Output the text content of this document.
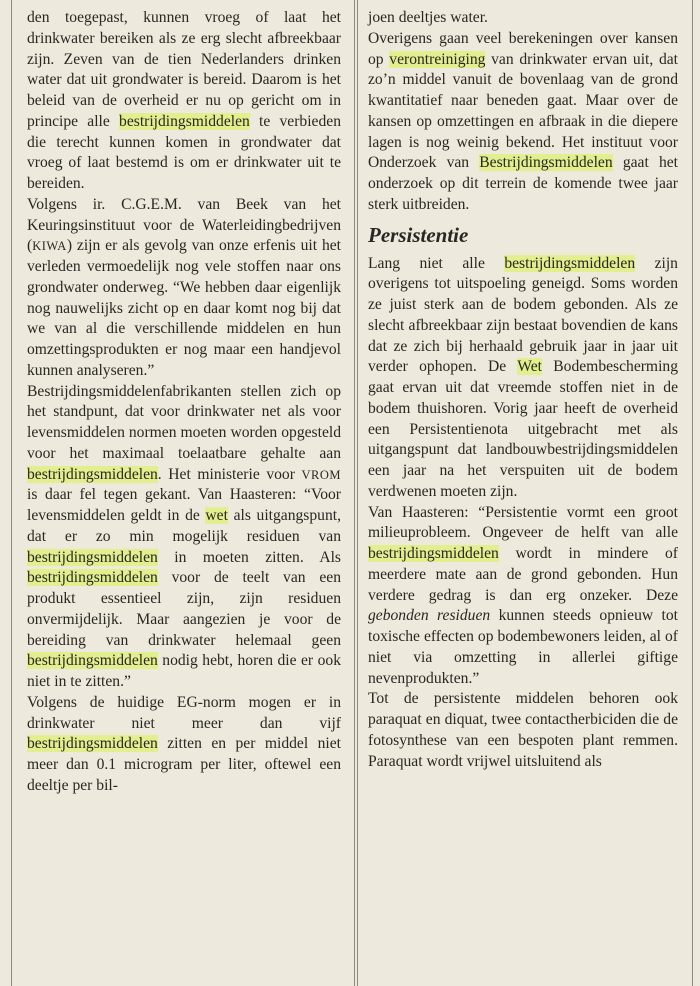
den toegepast, kunnen vroeg of laat het drinkwater bereiken als ze erg slecht afbreekbaar zijn. Zeven van de tien Nederlanders drinken water dat uit grondwater is bereid. Daarom is het beleid van de overheid er nu op gericht om in principe alle bestrijdingsmiddelen te verbieden die terecht kunnen komen in grondwater dat vroeg of laat bestemd is om er drinkwater uit te bereiden.

Volgens ir. C.G.E.M. van Beek van het Keuringsinstituut voor de Waterleidingbedrijven (KIWA) zijn er als gevolg van onze erfenis uit het verleden vermoedelijk nog vele stoffen naar ons grondwater onderweg. “We hebben daar eigenlijk nog nauwelijks zicht op en daar komt nog bij dat we van al die verschillende middelen en hun omzettingsprodukten er nog maar een handjevol kunnen analyseren.”

Bestrijdingsmiddelenfabrikanten stellen zich op het standpunt, dat voor drinkwater net als voor levensmiddelen normen moeten worden opgesteld voor het maximaal toelaatbare gehalte aan bestrijdingsmiddelen. Het ministerie voor VROM is daar fel tegen gekant. Van Haasteren: “Voor levensmiddelen geldt in de wet als uitgangspunt, dat er zo min mogelijk residuen van bestrijdingsmiddelen in moeten zitten. Als bestrijdingsmiddelen voor de teelt van een produkt essentieel zijn, zijn residuen onvermijdelijk. Maar aangezien je voor de bereiding van drinkwater helemaal geen bestrijdingsmiddelen nodig hebt, horen die er ook niet in te zitten.”

Volgens de huidige EG-norm mogen er in drinkwater niet meer dan vijf bestrijdingsmiddelen zitten en per middel niet meer dan 0.1 microgram per liter, oftewel een deeltje per bil-

joen deeltjes water.

Overigens gaan veel berekeningen over kansen op verontreiniging van drinkwater ervan uit, dat zo’n middel vanuit de bovenlaag van de grond kwantitatief naar beneden gaat. Maar over de kansen op omzettingen en afbraak in die diepere lagen is nog weinig bekend. Het instituut voor Onderzoek van Bestrijdingsmiddelen gaat het onderzoek op dit terrein de komende twee jaar sterk uitbreiden.

Persistentie

Lang niet alle bestrijdingsmiddelen zijn overigens tot uitspoeling geneigd. Soms worden ze juist sterk aan de bodem gebonden. Als ze slecht afbreekbaar zijn bestaat bovendien de kans dat ze zich bij herhaald gebruik jaar in jaar uit verder ophopen. De Wet Bodembescherming gaat ervan uit dat vreemde stoffen niet in de bodem thuishoren. Vorig jaar heeft de overheid een Persistentienota uitgebracht met als uitgangspunt dat landbouwbestrijdingsmiddelen een jaar na het verspuiten uit de bodem verdwenen moeten zijn.

Van Haasteren: “Persistentie vormt een groot milieuprobleem. Ongeveer de helft van alle bestrijdingsmiddelen wordt in mindere of meerdere mate aan de grond gebonden. Hun verdere gedrag is dan erg onzeker. Deze gebonden residuen kunnen steeds opnieuw tot toxische effecten op bodembewoners leiden, al of niet via omzetting in allerlei giftige nevenprodukten.”

Tot de persistente middelen behoren ook paraquat en diquat, twee contactherbiciden die de fotosynthese van een bespoten plant remmen. Paraquat wordt vrijwel uitsluitend als
